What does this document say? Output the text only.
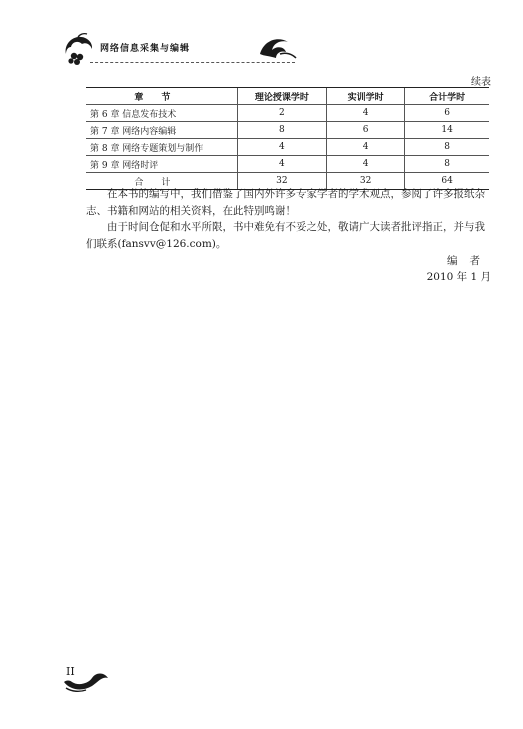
网络信息采集与编辑
续表
章节	理论授课学时	实训学时	合计学时
第 6 章 信息发布技术	2	4	6
第 7 章 网络内容编辑	8	6	14
第 8 章 网络专题策划与制作	4	4	8
第 9 章 网络时评	4	4	8
合计	32	32	64

在本书的编写中，我们借鉴了国内外许多专家学者的学术观点，参阅了许多报纸杂志、书籍和网站的相关资料，在此特别鸣谢！

由于时间仓促和水平所限，书中难免有不妥之处，敬请广大读者批评指正，并与我们联系(fansvv@126.com)。

编者
2010 年 1 月
II
